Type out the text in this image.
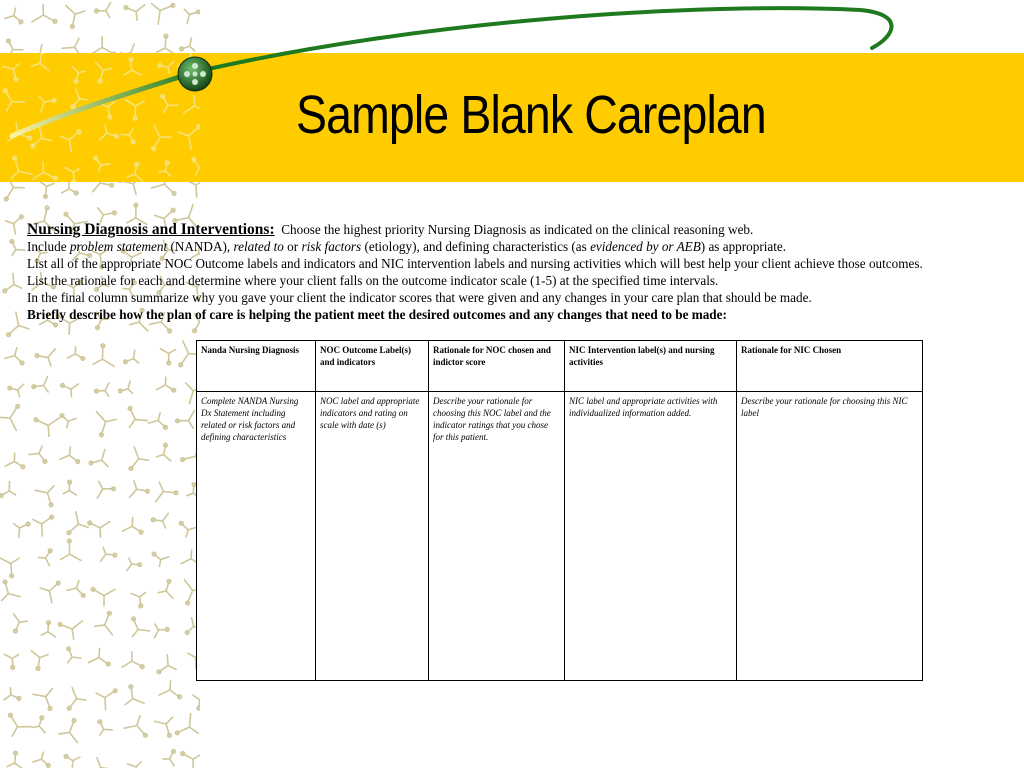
Sample Blank Careplan

Nursing Diagnosis and Interventions: Choose the highest priority Nursing Diagnosis as indicated on the clinical reasoning web.

Include problem statement (NANDA), related to or risk factors (etiology), and defining characteristics (as evidenced by or AEB) as appropriate.

List all of the appropriate NOC Outcome labels and indicators and NIC intervention labels and nursing activities which will best help your client achieve those outcomes.

List the rationale for each and determine where your client falls on the outcome indicator scale (1-5) at the specified time intervals.

In the final column summarize why you gave your client the indicator scores that were given and any changes in your care plan that should be made.

Briefly describe how the plan of care is helping the patient meet the desired outcomes and any changes that need to be made:

Nanda Nursing Diagnosis	NOC Outcome Label(s) and indicators	Rationale for NOC chosen and indictor score	NIC Intervention label(s) and nursing activities	Rationale for NIC Chosen
Complete NANDA Nursing Dx Statement including related or risk factors and defining characteristics	NOC label and appropriate indicators and rating on scale with date (s)	Describe your rationale for choosing this NOC label and the indicator ratings that you chose for this patient.	NIC label and appropriate activities with individualized information added.	Describe your rationale for choosing this NIC label
